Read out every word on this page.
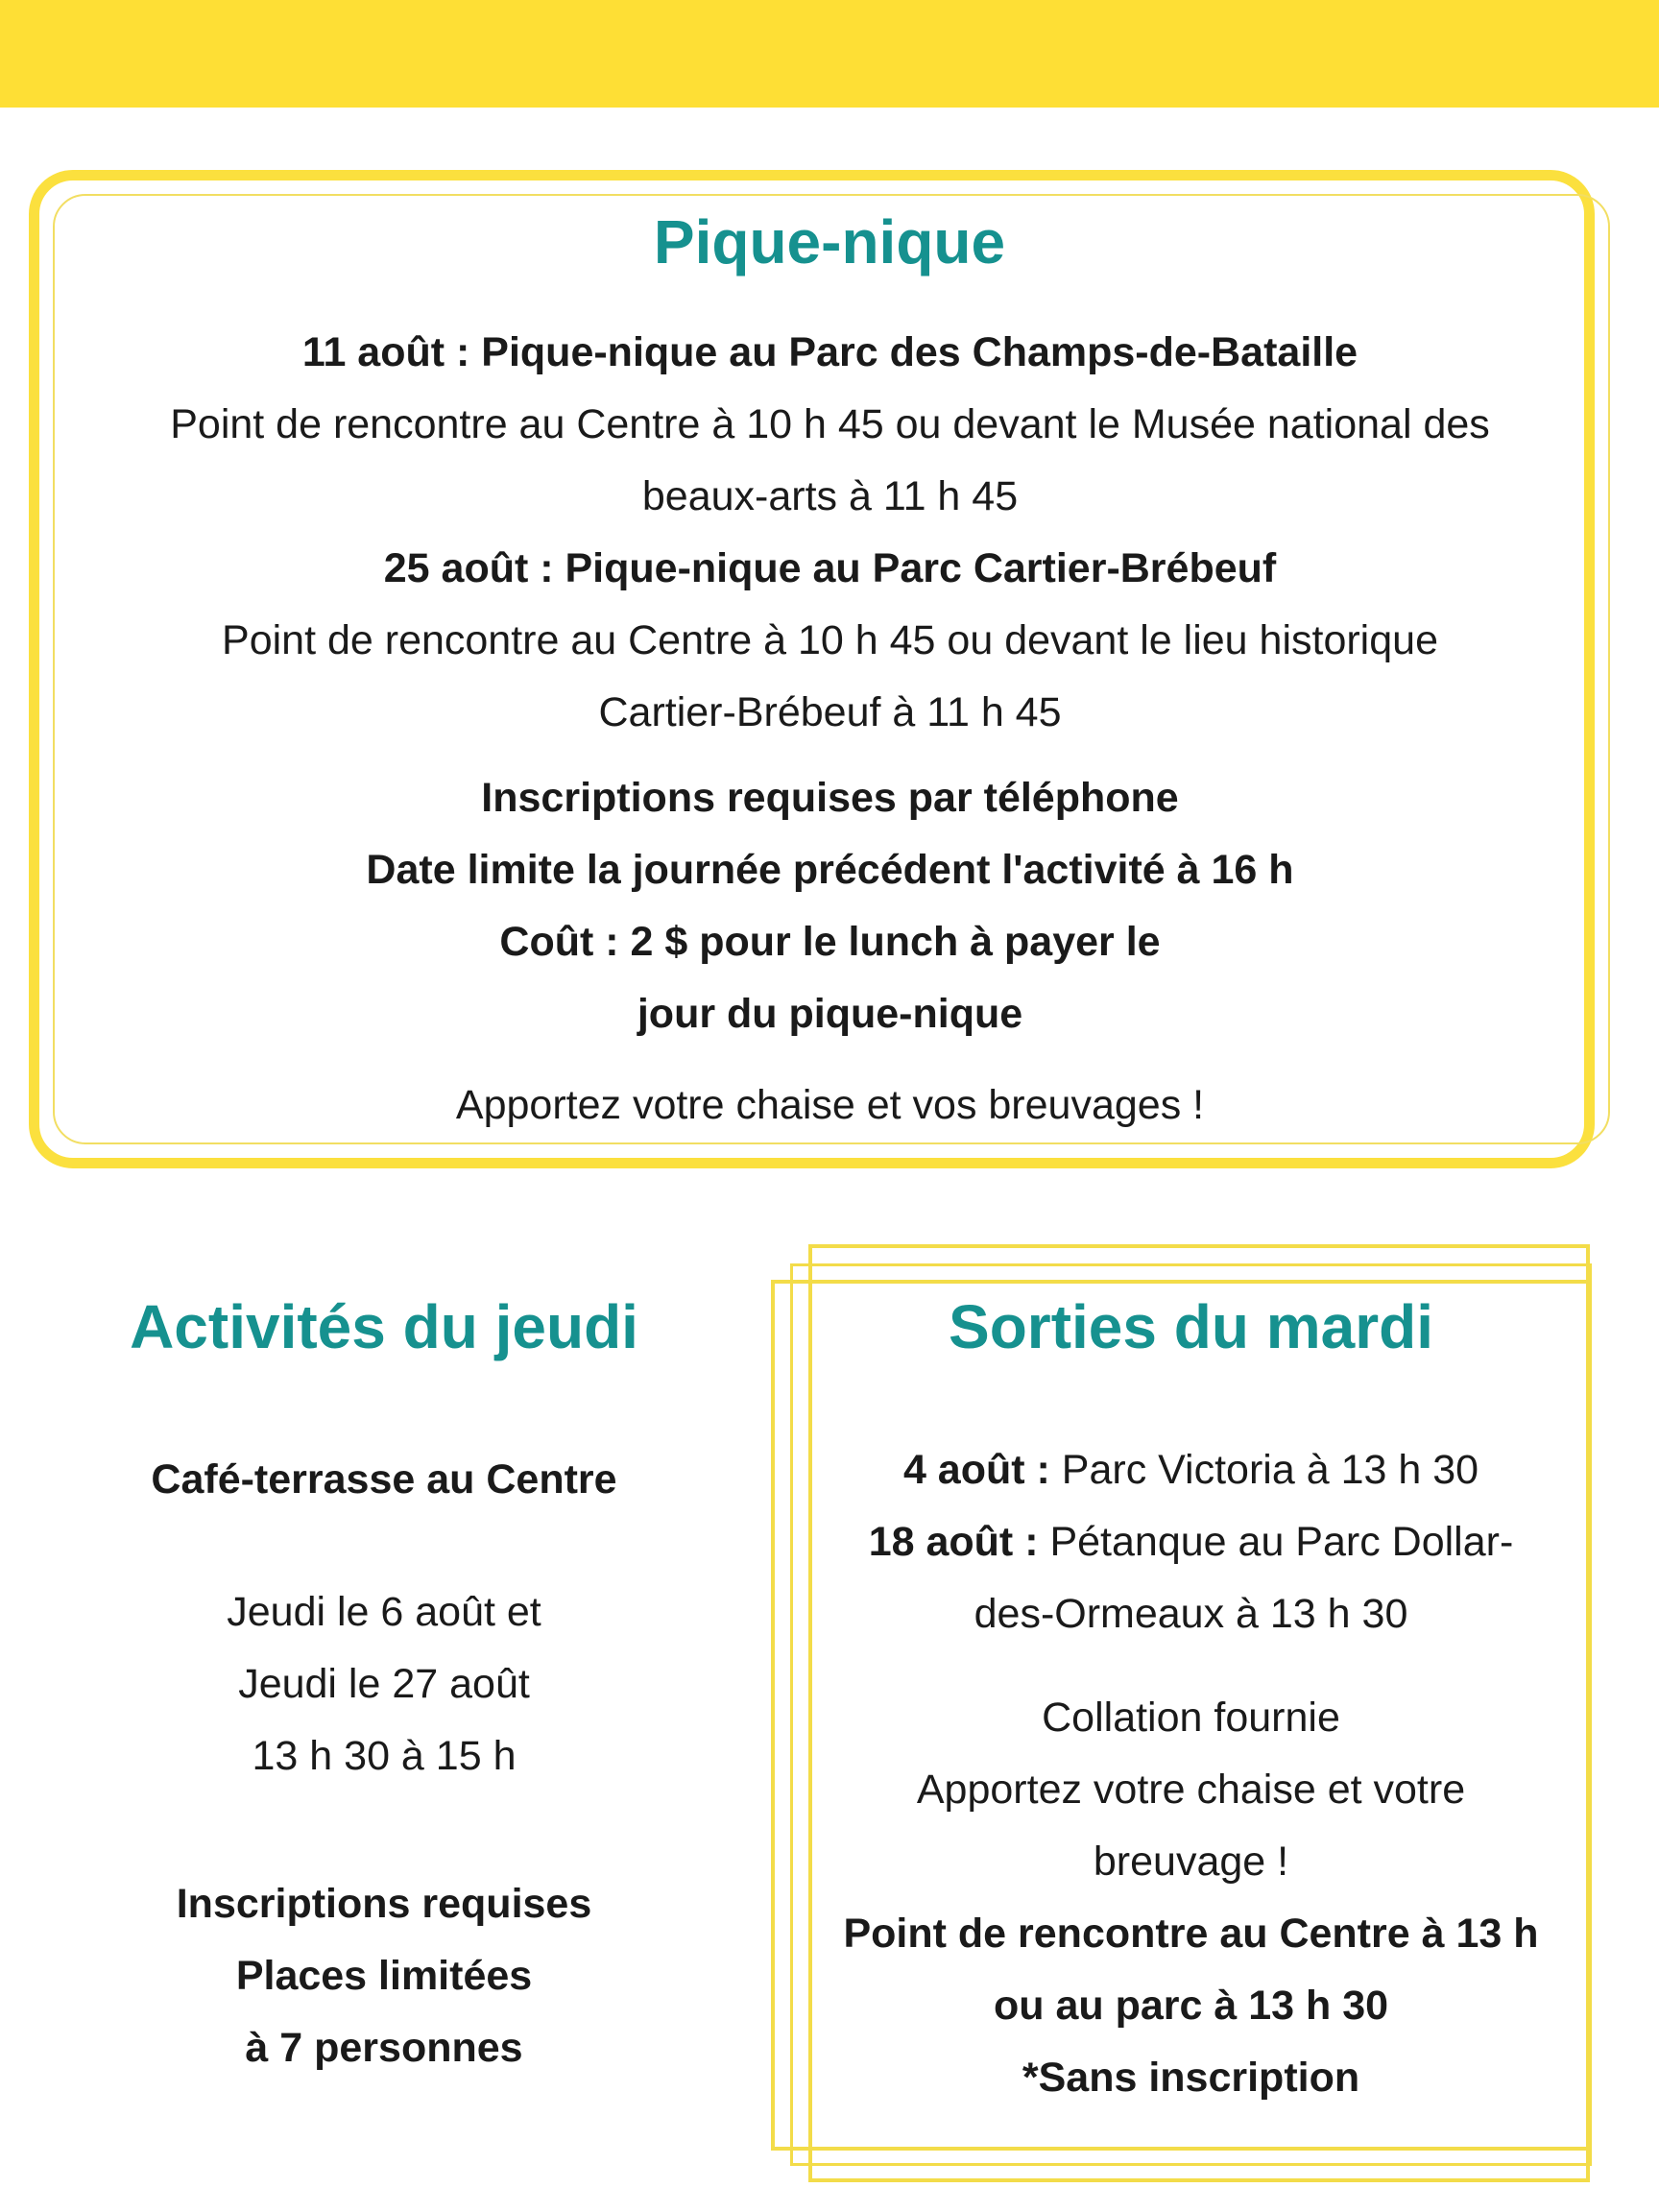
Pique-nique

11 août : Pique-nique au Parc des Champs-de-Bataille

Point de rencontre au Centre à 10 h 45 ou devant le Musée national des

beaux-arts à 11 h 45

25 août : Pique-nique au Parc Cartier-Brébeuf

Point de rencontre au Centre à 10 h 45 ou devant le lieu historique

Cartier-Brébeuf à 11 h 45

Inscriptions requises par téléphone

Date limite la journée précédent l'activité à 16 h

Coût : 2 $ pour le lunch à payer le

jour du pique-nique

Apportez votre chaise et vos breuvages !

Activités du jeudi

Café-terrasse au Centre

Jeudi le 6 août et

Jeudi le 27 août

13 h 30 à 15 h

Inscriptions requises

Places limitées

à 7 personnes

Sorties du mardi

4 août : Parc Victoria à 13 h 30

18 août : Pétanque au Parc Dollar-

des-Ormeaux à 13 h 30

Collation fournie

Apportez votre chaise et votre

breuvage !

Point de rencontre au Centre à 13 h

ou au parc à 13 h 30

*Sans inscription
